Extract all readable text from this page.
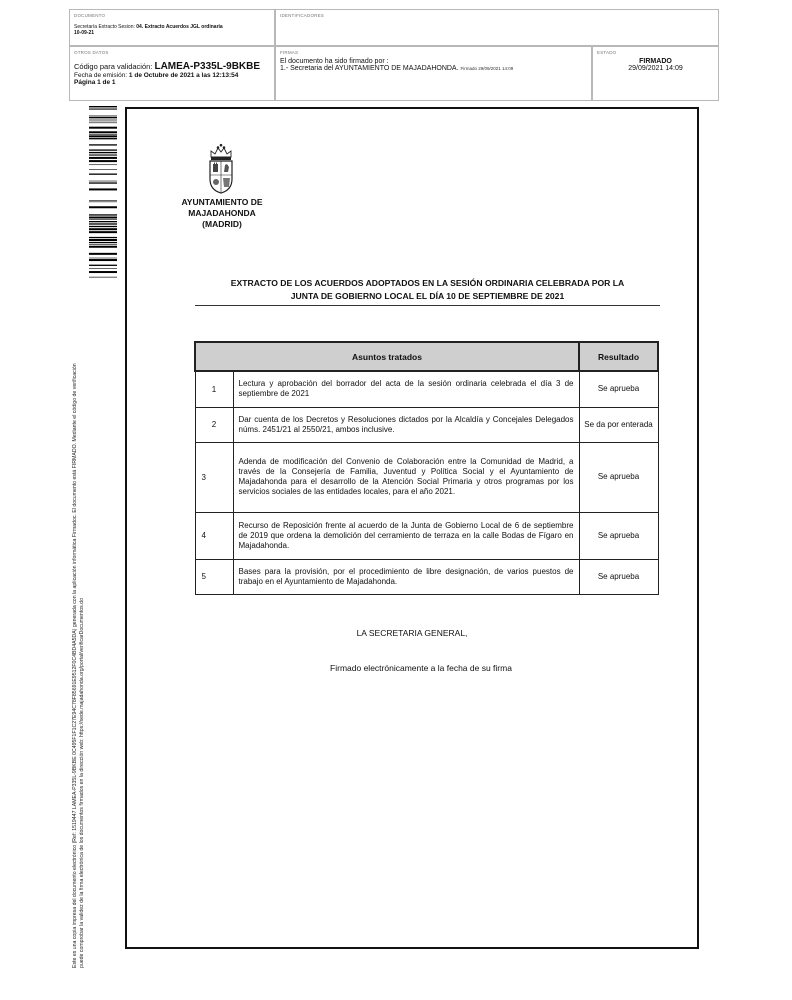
DOCUMENTO
Secretaría Extracto Sesion: 04. Extracto Acuerdos JGL ordinaria
10-09-21
IDENTIFICADORES
OTROS DATOS
Código para validación: LAMEA-P335L-9BKBE
Fecha de emisión: 1 de Octubre de 2021 a las 12:13:54
Página 1 de 1
FIRMAS
El documento ha sido firmado por :
1.- Secretaria del AYUNTAMIENTO DE MAJADAHONDA. Firmado 29/09/2021 14:09
ESTADO
FIRMADO
29/09/2021 14:09
Este es una copia impresa del documento electrónico (Ref: 1519447 LAMEA-P335L-9BKBE 0C495F1F1C27E94C78F85691E9512F0C4BD4A5DA) generada con la aplicación informática Firmadoc. El documento está FIRMADO. Mediante el código de verificación puede comprobar la validez de la firma electrónica de los documentos firmados en la dirección web: https://sede.majadahonda.org/portal/verificarDocumentos.do
AYUNTAMIENTO DE
MAJADAHONDA
(MADRID)
EXTRACTO DE LOS ACUERDOS ADOPTADOS EN LA SESIÓN ORDINARIA CELEBRADA POR LA
JUNTA DE GOBIERNO LOCAL EL DÍA 10 DE SEPTIEMBRE DE 2021
Asuntos tratados		Resultado
1	Lectura y aprobación del borrador del acta de la sesión ordinaria celebrada el día 3 de septiembre de 2021	Se aprueba
2	Dar cuenta de los Decretos y Resoluciones dictados por la Alcaldía y Concejales Delegados núms. 2451/21 al 2550/21, ambos inclusive.	Se da por enterada
3	Adenda de modificación del Convenio de Colaboración entre la Comunidad de Madrid, a través de la Consejería de Familia, Juventud y Política Social y el Ayuntamiento de Majadahonda para el desarrollo de la Atención Social Primaria y otros programas por los servicios sociales de las entidades locales, para el año 2021.	Se aprueba
4	Recurso de Reposición frente al acuerdo de la Junta de Gobierno Local de 6 de septiembre de 2019 que ordena la demolición del cerramiento de terraza en la calle Bodas de Fígaro en Majadahonda.	Se aprueba
5	Bases para la provisión, por el procedimiento de libre designación, de varios puestos de trabajo en el Ayuntamiento de Majadahonda.	Se aprueba
LA SECRETARIA GENERAL,
Firmado electrónicamente a la fecha de su firma
